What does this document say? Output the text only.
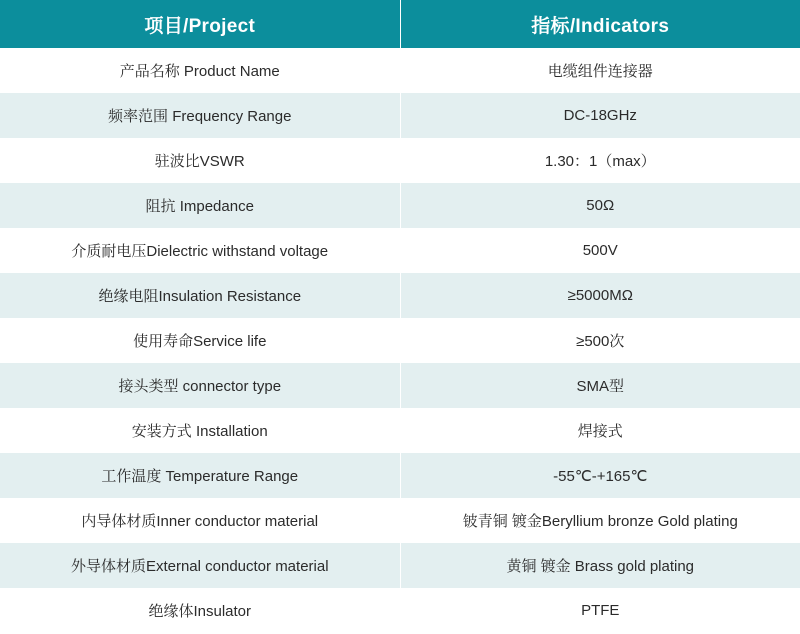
项目/Project	指标/Indicators
产品名称 Product Name	电缆组件连接器
频率范围 Frequency Range	DC-18GHz
驻波比VSWR	1.30：1（max）
阻抗 Impedance	50Ω
介质耐电压Dielectric withstand voltage	500V
绝缘电阻Insulation Resistance	≥5000MΩ
使用寿命Service life	≥500次
接头类型 connector type	SMA型
安装方式 Installation	焊接式
工作温度 Temperature Range	-55℃-+165℃
内导体材质Inner conductor material	铍青铜 镀金Beryllium bronze Gold plating
外导体材质External conductor material	黄铜 镀金 Brass gold plating
绝缘体Insulator	PTFE
